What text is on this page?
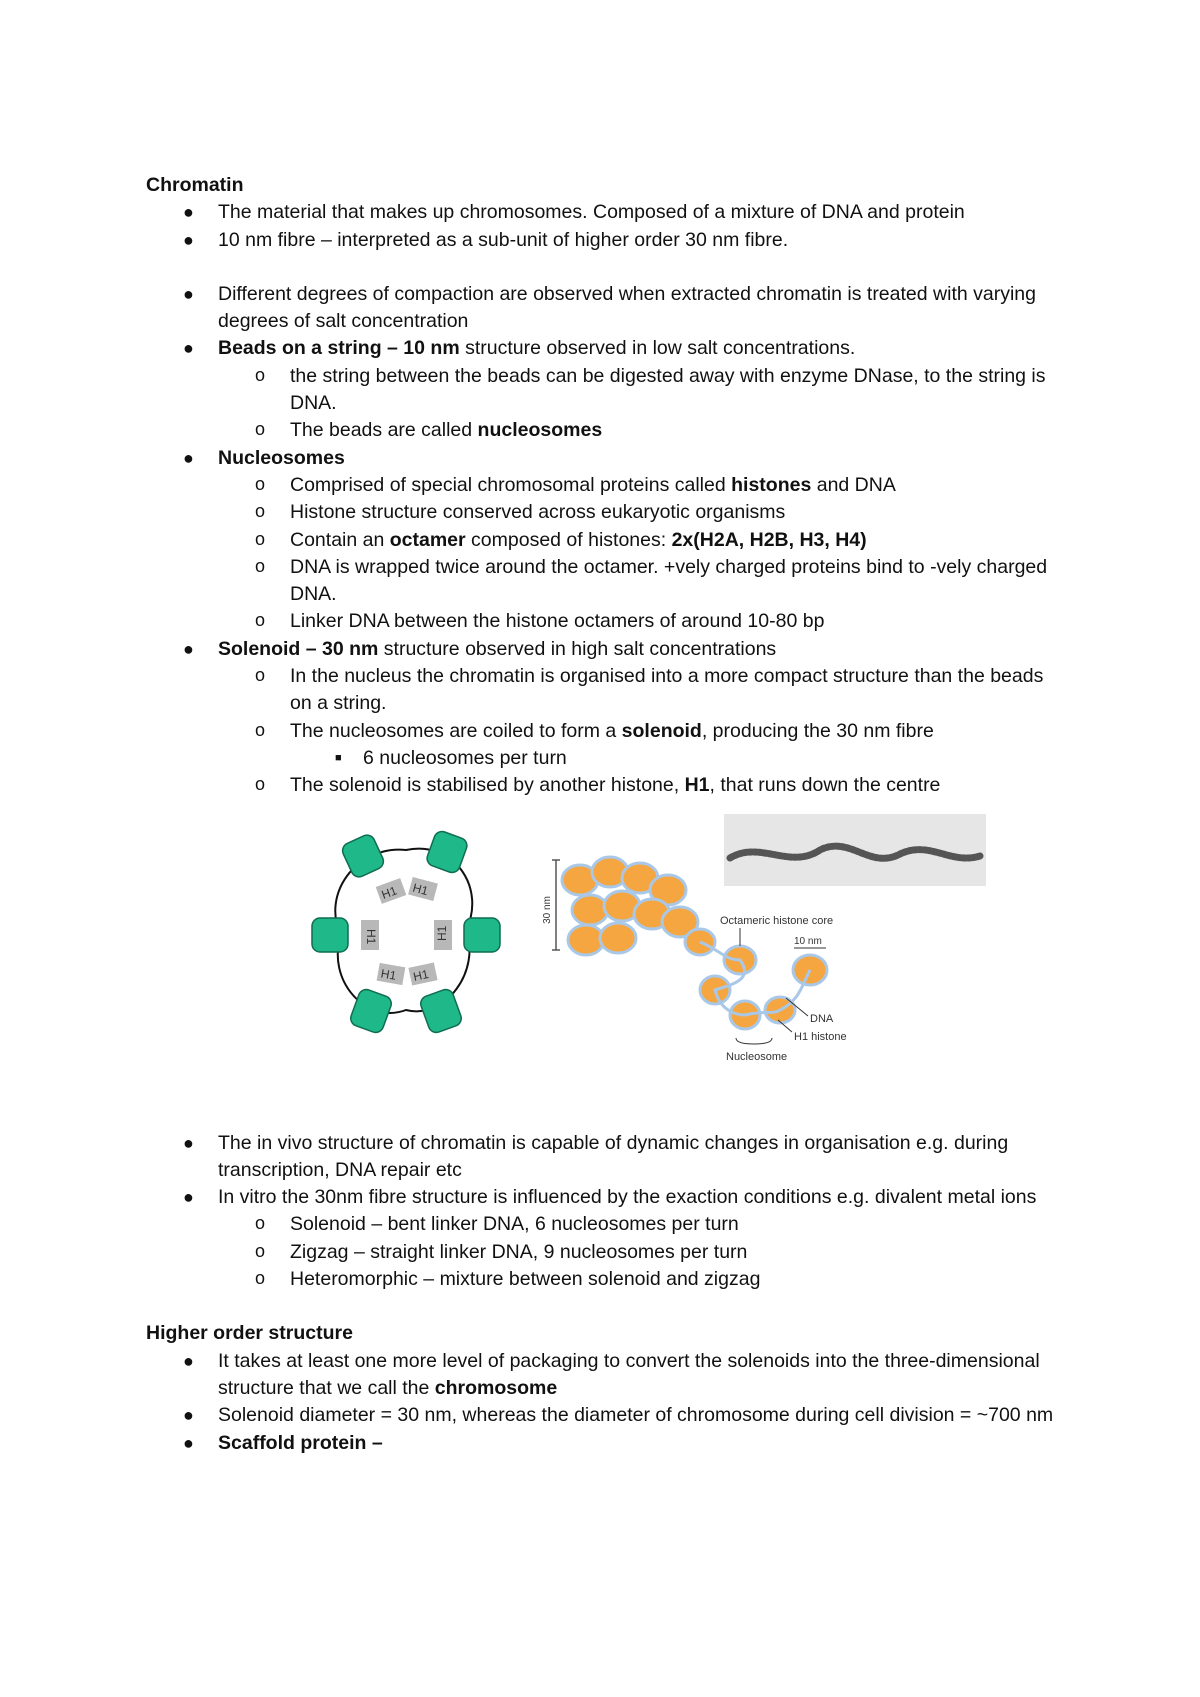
Chromatin

● The material that makes up chromosomes. Composed of a mixture of DNA and protein

● 10 nm fibre – interpreted as a sub-unit of higher order 30 nm fibre.

● Different degrees of compaction are observed when extracted chromatin is treated with varying degrees of salt concentration

● Beads on a string – 10 nm structure observed in low salt concentrations.

o the string between the beads can be digested away with enzyme DNase, to the string is DNA.

o The beads are called nucleosomes

● Nucleosomes

o Comprised of special chromosomal proteins called histones and DNA

o Histone structure conserved across eukaryotic organisms

o Contain an octamer composed of histones: 2x(H2A, H2B, H3, H4)

o DNA is wrapped twice around the octamer. +vely charged proteins bind to -vely charged DNA.

o Linker DNA between the histone octamers of around 10-80 bp

● Solenoid – 30 nm structure observed in high salt concentrations

o In the nucleus the chromatin is organised into a more compact structure than the beads on a string.

o The nucleosomes are coiled to form a solenoid, producing the 30 nm fibre

■ 6 nucleosomes per turn

o The solenoid is stabilised by another histone, H1, that runs down the centre

H1 H1
H1	H1
H1 H1
30 nm	Octameric histone core
10 nm
DNA
H1 histone
Nucleosome

● The in vivo structure of chromatin is capable of dynamic changes in organisation e.g. during transcription, DNA repair etc

● In vitro the 30nm fibre structure is influenced by the exaction conditions e.g. divalent metal ions

o Solenoid – bent linker DNA, 6 nucleosomes per turn

o Zigzag – straight linker DNA, 9 nucleosomes per turn

o Heteromorphic – mixture between solenoid and zigzag

Higher order structure

● It takes at least one more level of packaging to convert the solenoids into the three-dimensional structure that we call the chromosome

● Solenoid diameter = 30 nm, whereas the diameter of chromosome during cell division = ~700 nm

● Scaffold protein –
